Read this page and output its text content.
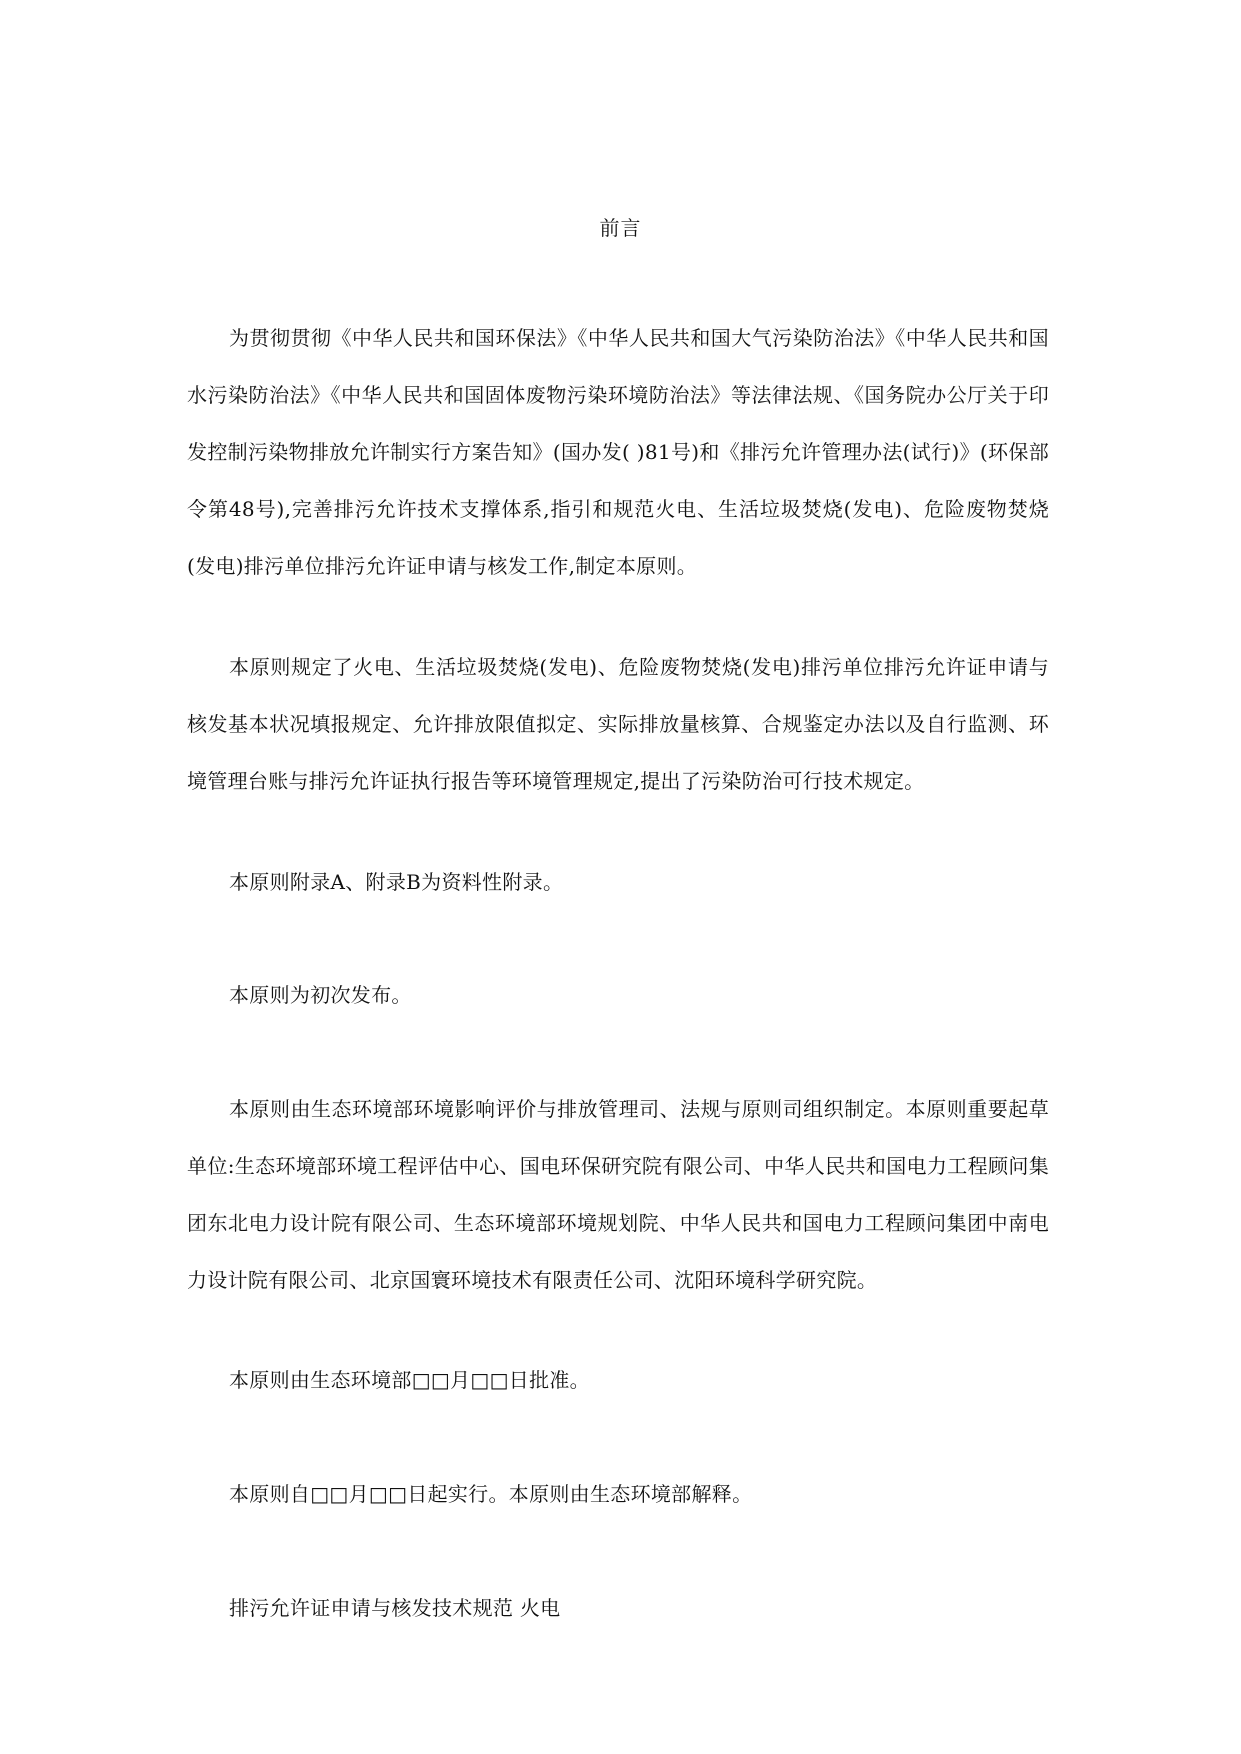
前言

为贯彻贯彻《中华人民共和国环保法》《中华人民共和国大气污染防治法》《中华人民共和国水污染防治法》《中华人民共和国固体废物污染环境防治法》等法律法规、《国务院办公厅关于印发控制污染物排放允许制实行方案告知》(国办发( )81号)和《排污允许管理办法(试行)》(环保部令第48号),完善排污允许技术支撑体系,指引和规范火电、生活垃圾焚烧(发电)、危险废物焚烧(发电)排污单位排污允许证申请与核发工作,制定本原则。

本原则规定了火电、生活垃圾焚烧(发电)、危险废物焚烧(发电)排污单位排污允许证申请与核发基本状况填报规定、允许排放限值拟定、实际排放量核算、合规鉴定办法以及自行监测、环境管理台账与排污允许证执行报告等环境管理规定,提出了污染防治可行技术规定。

本原则附录A、附录B为资料性附录。

本原则为初次发布。

本原则由生态环境部环境影响评价与排放管理司、法规与原则司组织制定。本原则重要起草单位:生态环境部环境工程评估中心、国电环保研究院有限公司、中华人民共和国电力工程顾问集团东北电力设计院有限公司、生态环境部环境规划院、中华人民共和国电力工程顾问集团中南电力设计院有限公司、北京国寰环境技术有限责任公司、沈阳环境科学研究院。

本原则由生态环境部□□月□□日批准。

本原则自□□月□□日起实行。本原则由生态环境部解释。

排污允许证申请与核发技术规范 火电
